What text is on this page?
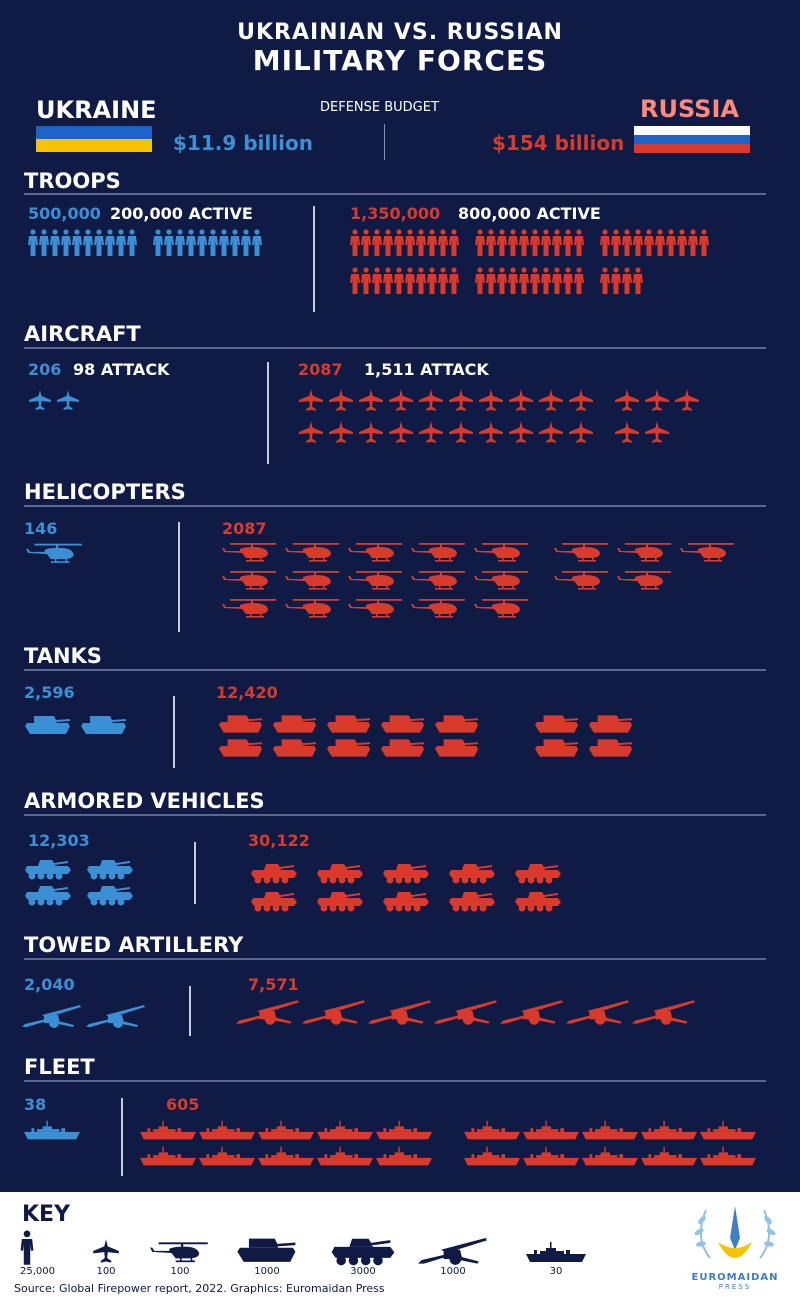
UKRAINIAN VS. RUSSIAN
MILITARY FORCES
UKRAINE
$11.9 billion
DEFENSE BUDGET	RUSSIA
$154 billion
TROOPS
500,000 200,000 ACTIVE	1,350,000 800,000 ACTIVE
AIRCRAFT
206 98 ATTACK	2087 1,511 ATTACK
HELICOPTERS
146	2087
TANKS
2,596	12,420
ARMORED VEHICLES
12,303	30,122
TOWED ARTILLERY
2,040	7,571
FLEET
38	605
KEY
25,000	100	100	1000	3000	1000	30
Source: Global Firepower report, 2022. Graphics: Euromaidan Press
EUROMAIDAN
PRESS
